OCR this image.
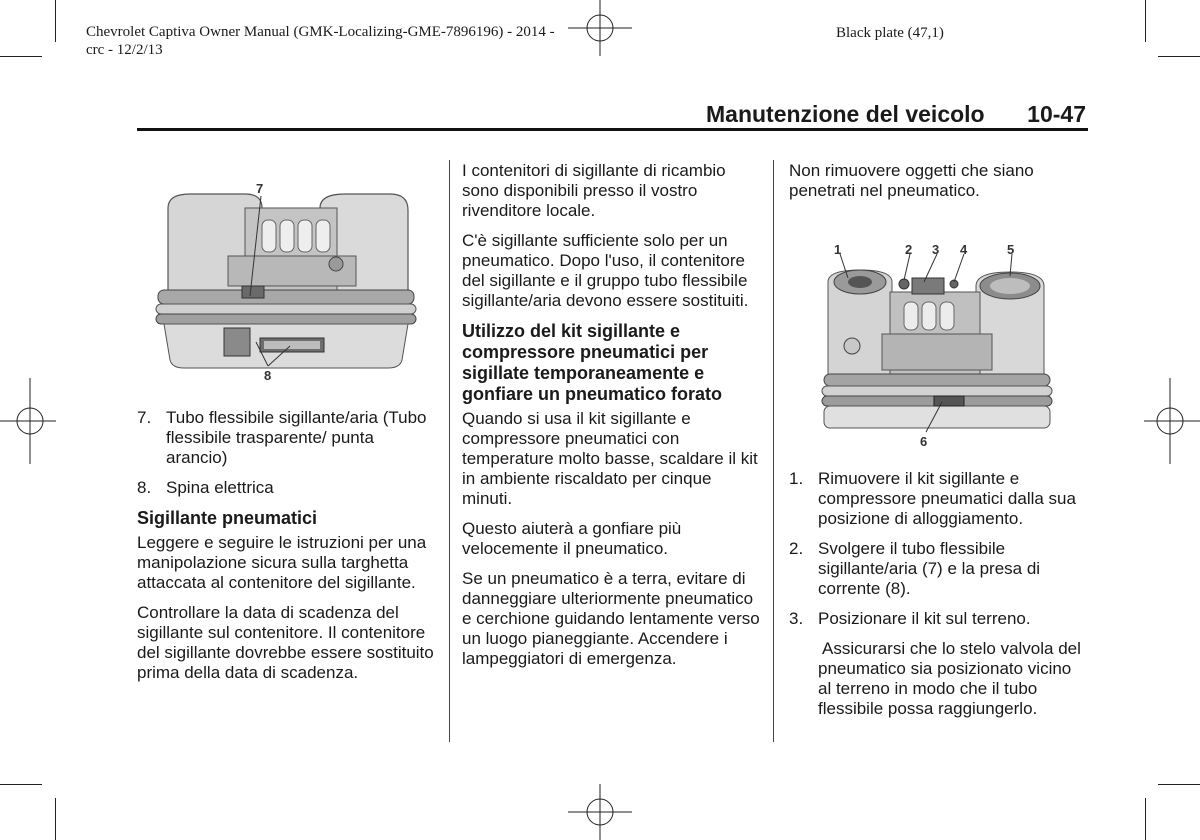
Chevrolet Captiva Owner Manual (GMK-Localizing-GME-7896196) - 2014 -
crc - 12/2/13
Black plate (47,1)
Manutenzione del veicolo 10-47
7
8
7. Tubo flessibile sigillante/aria (Tubo flessibile trasparente/ punta arancio)
8. Spina elettrica
Sigillante pneumatici

Leggere e seguire le istruzioni per una manipolazione sicura sulla targhetta attaccata al contenitore del sigillante.

Controllare la data di scadenza del sigillante sul contenitore. Il contenitore del sigillante dovrebbe essere sostituito prima della data di scadenza.

I contenitori di sigillante di ricambio sono disponibili presso il vostro rivenditore locale.

C'è sigillante sufficiente solo per un pneumatico. Dopo l'uso, il contenitore del sigillante e il gruppo tubo flessibile sigillante/aria devono essere sostituiti.

Utilizzo del kit sigillante e compressore pneumatici per sigillate temporaneamente e gonfiare un pneumatico forato

Quando si usa il kit sigillante e compressore pneumatici con temperature molto basse, scaldare il kit in ambiente riscaldato per cinque minuti.

Questo aiuterà a gonfiare più velocemente il pneumatico.

Se un pneumatico è a terra, evitare di danneggiare ulteriormente pneumatico e cerchione guidando lentamente verso un luogo pianeggiante. Accendere i lampeggiatori di emergenza.

Non rimuovere oggetti che siano penetrati nel pneumatico.

1	2 3 4	5
6
1. Rimuovere il kit sigillante e compressore pneumatici dalla sua posizione di alloggiamento.
2. Svolgere il tubo flessibile sigillante/aria (7) e la presa di corrente (8).
3. Posizionare il kit sul terreno.

Assicurarsi che lo stelo valvola del pneumatico sia posizionato vicino al terreno in modo che il tubo flessibile possa raggiungerlo.
